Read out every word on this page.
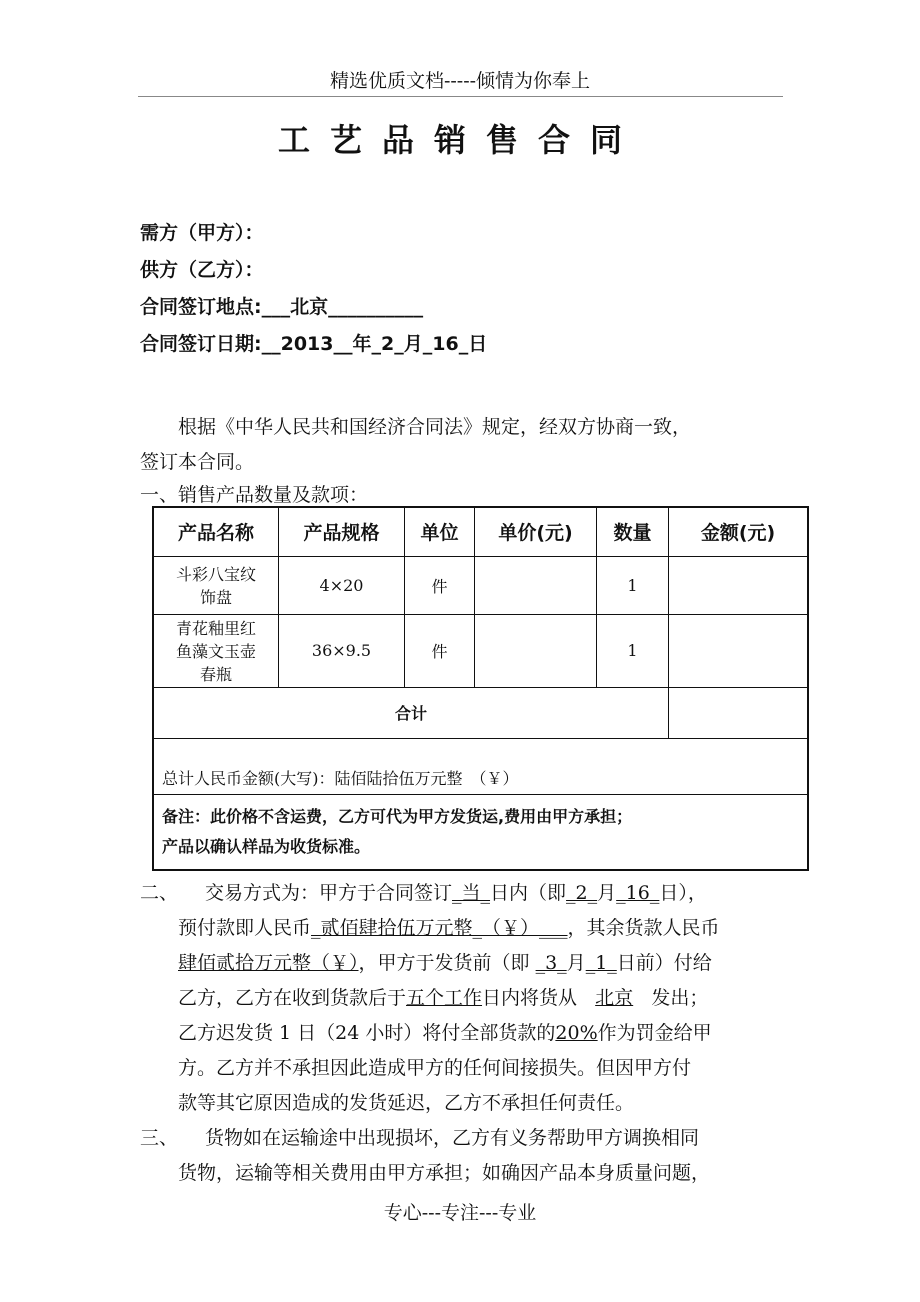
精选优质文档-----倾情为你奉上
工艺品销售合同
需方（甲方）：
供方（乙方）：
合同签订地点:___北京__________
合同签订日期:__2013__年_2_月_16_日
根据《中华人民共和国经济合同法》规定，经双方协商一致，
签订本合同。
一、销售产品数量及款项：
产品名称	产品规格	单位	单价(元)	数量	金额(元)

斗彩八宝纹
饰盘	4×20	件		1	

青花釉里红
鱼藻文玉壶
春瓶	36×9.5	件		1	
合计					
总计人民币金额(大写)：陆佰陆拾伍万元整　（￥）					

备注：此价格不含运费，乙方可代为甲方发货运,费用由甲方承担；
产品以确认样品为收货标准。					
二、 交易方式为：甲方于合同签订_当_日内（即_2_月_16_日），
预付款即人民币_贰佰肆拾伍万元整_（￥）___，其余货款人民币
肆佰贰拾万元整（￥），甲方于发货前（即 _3_月_1_日前）付给
乙方，乙方在收到货款后于五个工作日内将货从 北京 发出；
乙方迟发货 1 日（24 小时）将付全部货款的20%作为罚金给甲
方。乙方并不承担因此造成甲方的任何间接损失。但因甲方付
款等其它原因造成的发货延迟，乙方不承担任何责任。
三、 货物如在运输途中出现损坏，乙方有义务帮助甲方调换相同
货物，运输等相关费用由甲方承担；如确因产品本身质量问题，
专心---专注---专业
